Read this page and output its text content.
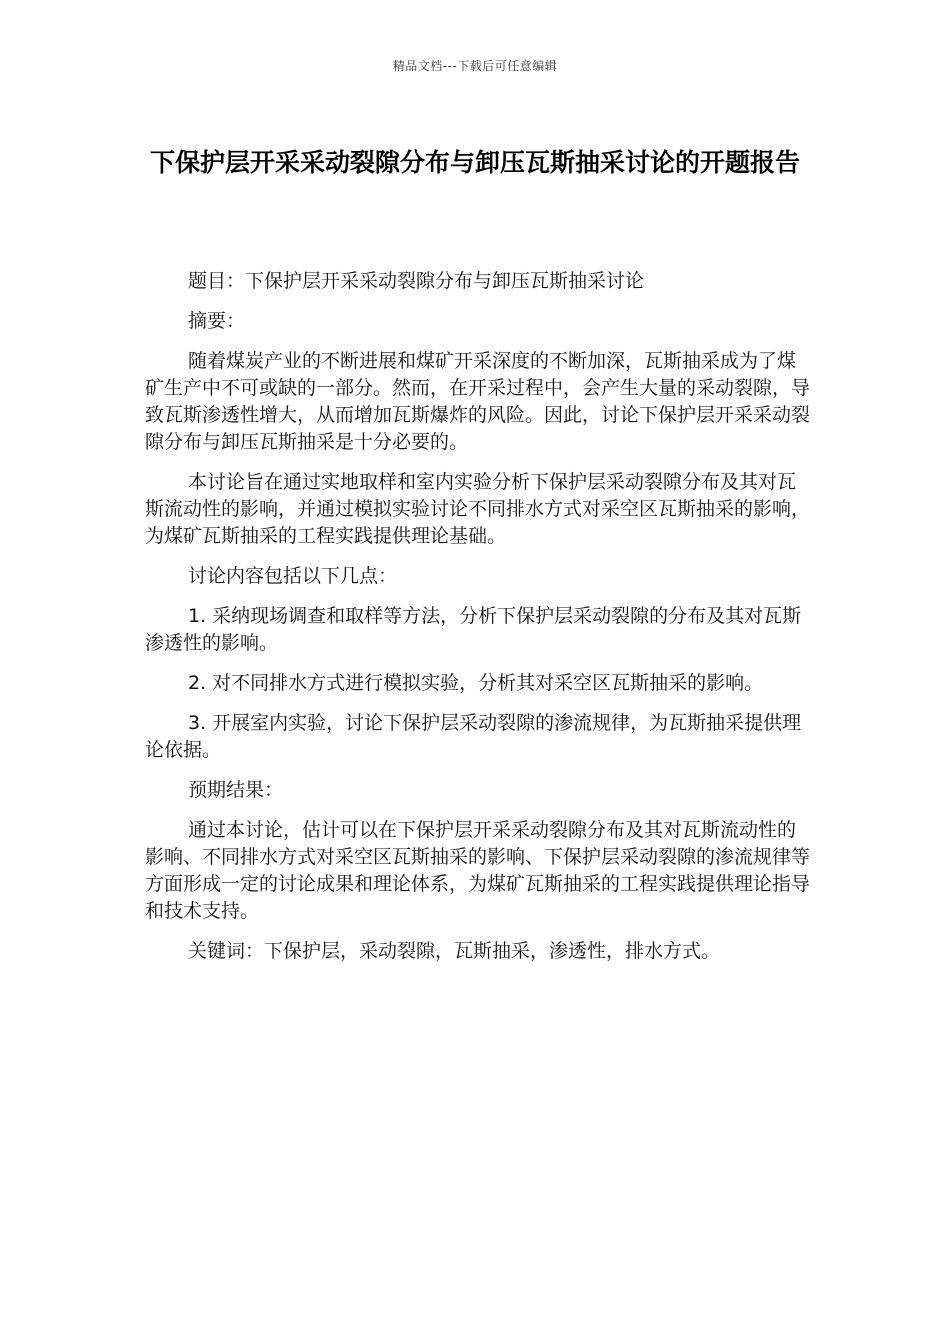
精品文档---下载后可任意编辑
下保护层开采采动裂隙分布与卸压瓦斯抽采讨论的开题报告

题目：下保护层开采采动裂隙分布与卸压瓦斯抽采讨论

摘要：

随着煤炭产业的不断进展和煤矿开采深度的不断加深，瓦斯抽采成为了煤矿生产中不可或缺的一部分。然而，在开采过程中，会产生大量的采动裂隙，导致瓦斯渗透性增大，从而增加瓦斯爆炸的风险。因此，讨论下保护层开采采动裂隙分布与卸压瓦斯抽采是十分必要的。

本讨论旨在通过实地取样和室内实验分析下保护层采动裂隙分布及其对瓦斯流动性的影响，并通过模拟实验讨论不同排水方式对采空区瓦斯抽采的影响，为煤矿瓦斯抽采的工程实践提供理论基础。

讨论内容包括以下几点：

1. 采纳现场调查和取样等方法，分析下保护层采动裂隙的分布及其对瓦斯渗透性的影响。

2. 对不同排水方式进行模拟实验，分析其对采空区瓦斯抽采的影响。

3. 开展室内实验，讨论下保护层采动裂隙的渗流规律，为瓦斯抽采提供理论依据。

预期结果：

通过本讨论，估计可以在下保护层开采采动裂隙分布及其对瓦斯流动性的影响、不同排水方式对采空区瓦斯抽采的影响、下保护层采动裂隙的渗流规律等方面形成一定的讨论成果和理论体系，为煤矿瓦斯抽采的工程实践提供理论指导和技术支持。

关键词：下保护层，采动裂隙，瓦斯抽采，渗透性，排水方式。
